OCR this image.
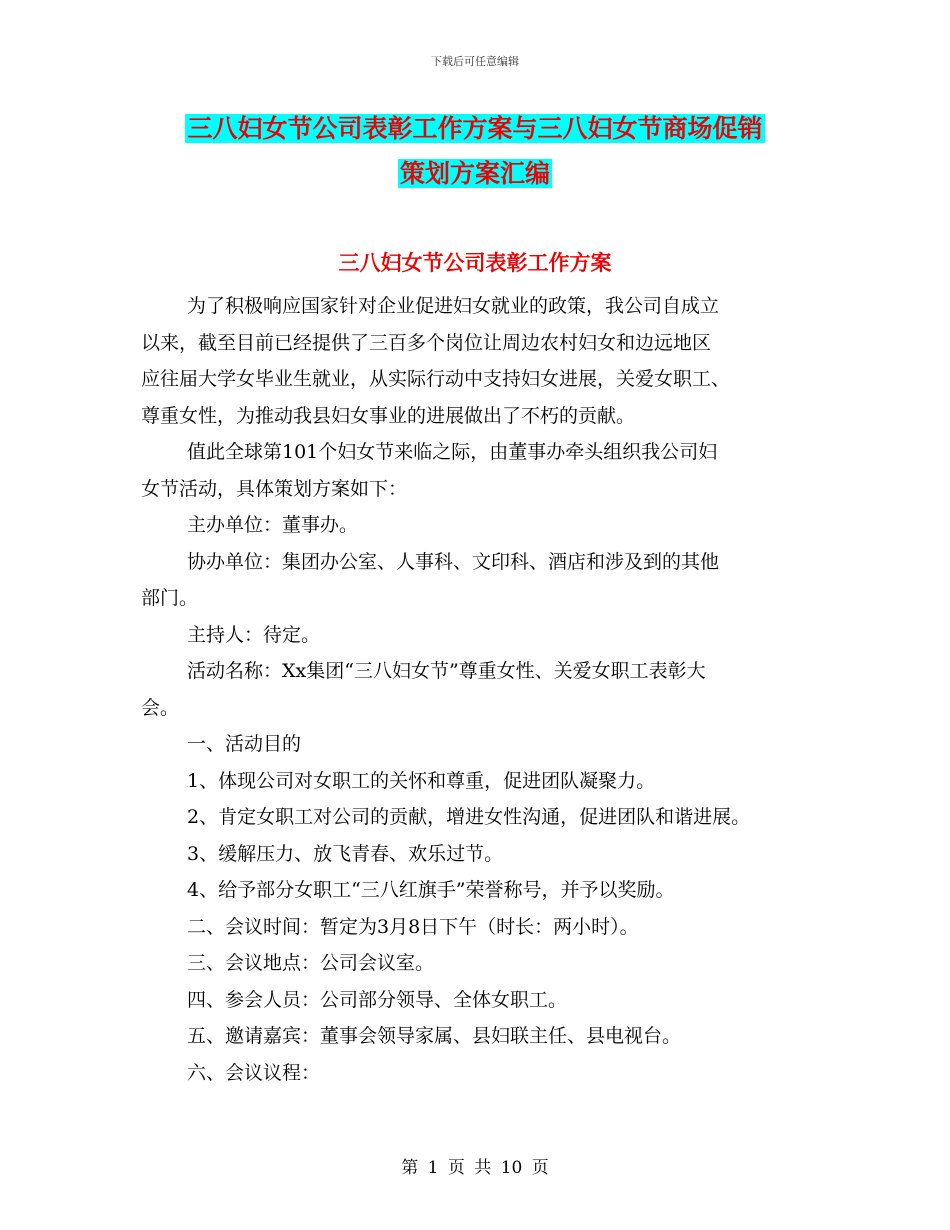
下载后可任意编辑
三八妇女节公司表彰工作方案与三八妇女节商场促销
策划方案汇编
三八妇女节公司表彰工作方案
为了积极响应国家针对企业促进妇女就业的政策，我公司自成立
以来，截至目前已经提供了三百多个岗位让周边农村妇女和边远地区
应往届大学女毕业生就业，从实际行动中支持妇女进展，关爱女职工、
尊重女性，为推动我县妇女事业的进展做出了不朽的贡献。
值此全球第101个妇女节来临之际，由董事办牵头组织我公司妇
女节活动，具体策划方案如下：
主办单位：董事办。
协办单位：集团办公室、人事科、文印科、酒店和涉及到的其他
部门。
主持人：待定。
活动名称：Xx集团“三八妇女节”尊重女性、关爱女职工表彰大
会。
一、活动目的
1、体现公司对女职工的关怀和尊重，促进团队凝聚力。
2、肯定女职工对公司的贡献，增进女性沟通，促进团队和谐进展。
3、缓解压力、放飞青春、欢乐过节。
4、给予部分女职工“三八红旗手”荣誉称号，并予以奖励。
二、会议时间：暂定为3月8日下午（时长：两小时）。
三、会议地点：公司会议室。
四、参会人员：公司部分领导、全体女职工。
五、邀请嘉宾：董事会领导家属、县妇联主任、县电视台。
六、会议议程：
第 1 页 共 10 页
